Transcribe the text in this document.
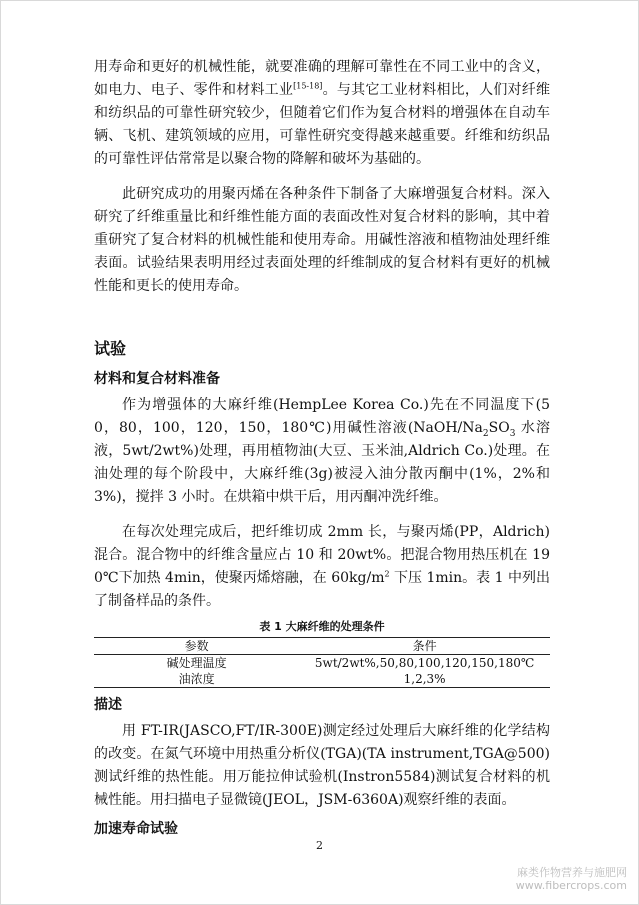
用寿命和更好的机械性能，就要准确的理解可靠性在不同工业中的含义，如电力、电子、零件和材料工业[15-18]。与其它工业材料相比，人们对纤维和纺织品的可靠性研究较少，但随着它们作为复合材料的增强体在自动车辆、飞机、建筑领域的应用，可靠性研究变得越来越重要。纤维和纺织品的可靠性评估常常是以聚合物的降解和破坏为基础的。

此研究成功的用聚丙烯在各种条件下制备了大麻增强复合材料。深入研究了纤维重量比和纤维性能方面的表面改性对复合材料的影响，其中着重研究了复合材料的机械性能和使用寿命。用碱性溶液和植物油处理纤维表面。试验结果表明用经过表面处理的纤维制成的复合材料有更好的机械性能和更长的使用寿命。

试验
材料和复合材料准备

作为增强体的大麻纤维(HempLee Korea Co.)先在不同温度下(50，80，100，120，150，180℃)用碱性溶液($NaOH/Na_2SO_3$ 水溶液，5wt/2wt%)处理，再用植物油(大豆、玉米油,Aldrich Co.)处理。在油处理的每个阶段中，大麻纤维(3g)被浸入油分散丙酮中(1%，2%和 3%)，搅拌 3 小时。在烘箱中烘干后，用丙酮冲洗纤维。

在每次处理完成后，把纤维切成 2mm 长，与聚丙烯(PP，Aldrich)混合。混合物中的纤维含量应占 10 和 20wt%。把混合物用热压机在 190℃下加热 4min，使聚丙烯熔融，在 $60kg/m^2$ 下压 1min。表 1 中列出了制备样品的条件。

表 1 大麻纤维的处理条件
参数	条件
碱处理温度	5wt/2wt%,50,80,100,120,150,180℃
油浓度	1,2,3%
描述

用 FT-IR(JASCO,FT/IR-300E)测定经过处理后大麻纤维的化学结构的改变。在氮气环境中用热重分析仪(TGA)(TA instrument,TGA@500)测试纤维的热性能。用万能拉伸试验机(Instron5584)测试复合材料的机械性能。用扫描电子显微镜(JEOL，JSM-6360A)观察纤维的表面。

加速寿命试验
2
麻类作物营养与施肥网
www.fibercrops.com
